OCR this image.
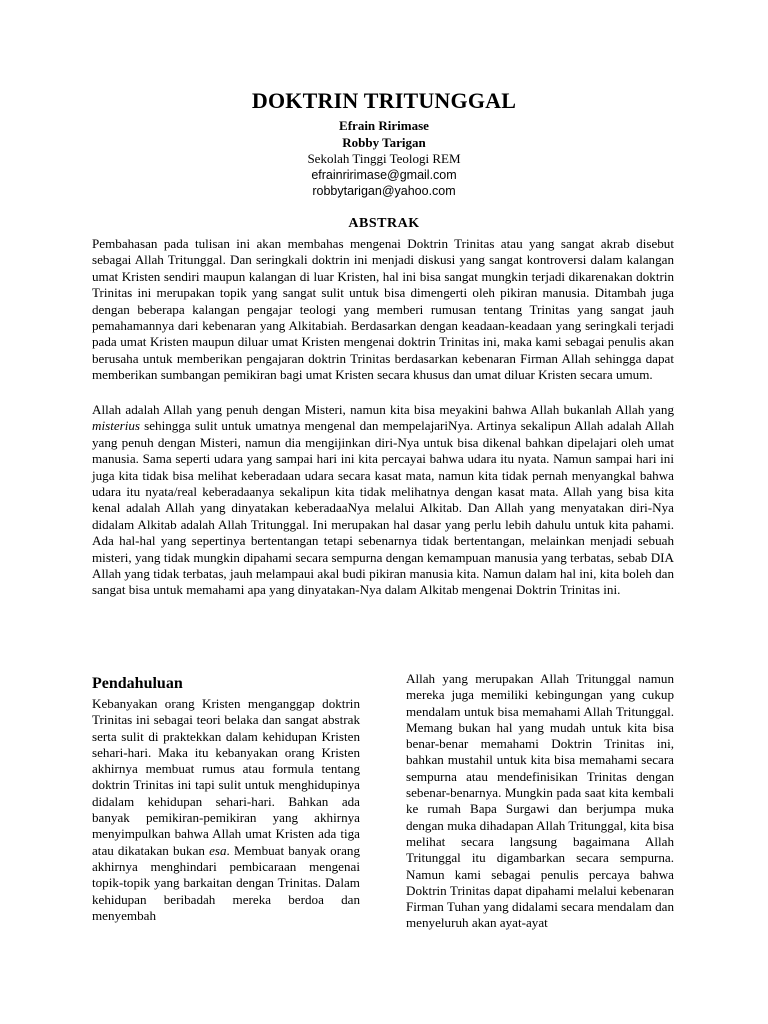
DOKTRIN TRITUNGGAL
Efrain Ririmase
Robby Tarigan
Sekolah Tinggi Teologi REM
efrainririmase@gmail.com
robbytarigan@yahoo.com
ABSTRAK

Pembahasan pada tulisan ini akan membahas mengenai Doktrin Trinitas atau yang sangat akrab disebut sebagai Allah Tritunggal. Dan seringkali doktrin ini menjadi diskusi yang sangat kontroversi dalam kalangan umat Kristen sendiri maupun kalangan di luar Kristen, hal ini bisa sangat mungkin terjadi dikarenakan doktrin Trinitas ini merupakan topik yang sangat sulit untuk bisa dimengerti oleh pikiran manusia. Ditambah juga dengan beberapa kalangan pengajar teologi yang memberi rumusan tentang Trinitas yang sangat jauh pemahamannya dari kebenaran yang Alkitabiah. Berdasarkan dengan keadaan-keadaan yang seringkali terjadi pada umat Kristen maupun diluar umat Kristen mengenai doktrin Trinitas ini, maka kami sebagai penulis akan berusaha untuk memberikan pengajaran doktrin Trinitas berdasarkan kebenaran Firman Allah sehingga dapat memberikan sumbangan pemikiran bagi umat Kristen secara khusus dan umat diluar Kristen secara umum.

Allah adalah Allah yang penuh dengan Misteri, namun kita bisa meyakini bahwa Allah bukanlah Allah yang misterius sehingga sulit untuk umatnya mengenal dan mempelajariNya. Artinya sekalipun Allah adalah Allah yang penuh dengan Misteri, namun dia mengijinkan diri-Nya untuk bisa dikenal bahkan dipelajari oleh umat manusia. Sama seperti udara yang sampai hari ini kita percayai bahwa udara itu nyata. Namun sampai hari ini juga kita tidak bisa melihat keberadaan udara secara kasat mata, namun kita tidak pernah menyangkal bahwa udara itu nyata/real keberadaanya sekalipun kita tidak melihatnya dengan kasat mata. Allah yang bisa kita kenal adalah Allah yang dinyatakan keberadaaNya melalui Alkitab. Dan Allah yang menyatakan diri-Nya didalam Alkitab adalah Allah Tritunggal. Ini merupakan hal dasar yang perlu lebih dahulu untuk kita pahami. Ada hal-hal yang sepertinya bertentangan tetapi sebenarnya tidak bertentangan, melainkan menjadi sebuah misteri, yang tidak mungkin dipahami secara sempurna dengan kemampuan manusia yang terbatas, sebab DIA Allah yang tidak terbatas, jauh melampaui akal budi pikiran manusia kita. Namun dalam hal ini, kita boleh dan sangat bisa untuk memahami apa yang dinyatakan-Nya dalam Alkitab mengenai Doktrin Trinitas ini.

Pendahuluan

Kebanyakan orang Kristen menganggap doktrin Trinitas ini sebagai teori belaka dan sangat abstrak serta sulit di praktekkan dalam kehidupan Kristen sehari-hari. Maka itu kebanyakan orang Kristen akhirnya membuat rumus atau formula tentang doktrin Trinitas ini tapi sulit untuk menghidupinya didalam kehidupan sehari-hari. Bahkan ada banyak pemikiran-pemikiran yang akhirnya menyimpulkan bahwa Allah umat Kristen ada tiga atau dikatakan bukan esa. Membuat banyak orang akhirnya menghindari pembicaraan mengenai topik-topik yang barkaitan dengan Trinitas. Dalam kehidupan beribadah mereka berdoa dan menyembah

Allah yang merupakan Allah Tritunggal namun mereka juga memiliki kebingungan yang cukup mendalam untuk bisa memahami Allah Tritunggal. Memang bukan hal yang mudah untuk kita bisa benar-benar memahami Doktrin Trinitas ini, bahkan mustahil untuk kita bisa memahami secara sempurna atau mendefinisikan Trinitas dengan sebenar-benarnya. Mungkin pada saat kita kembali ke rumah Bapa Surgawi dan berjumpa muka dengan muka dihadapan Allah Tritunggal, kita bisa melihat secara langsung bagaimana Allah Tritunggal itu digambarkan secara sempurna. Namun kami sebagai penulis percaya bahwa Doktrin Trinitas dapat dipahami melalui kebenaran Firman Tuhan yang didalami secara mendalam dan menyeluruh akan ayat-ayat
